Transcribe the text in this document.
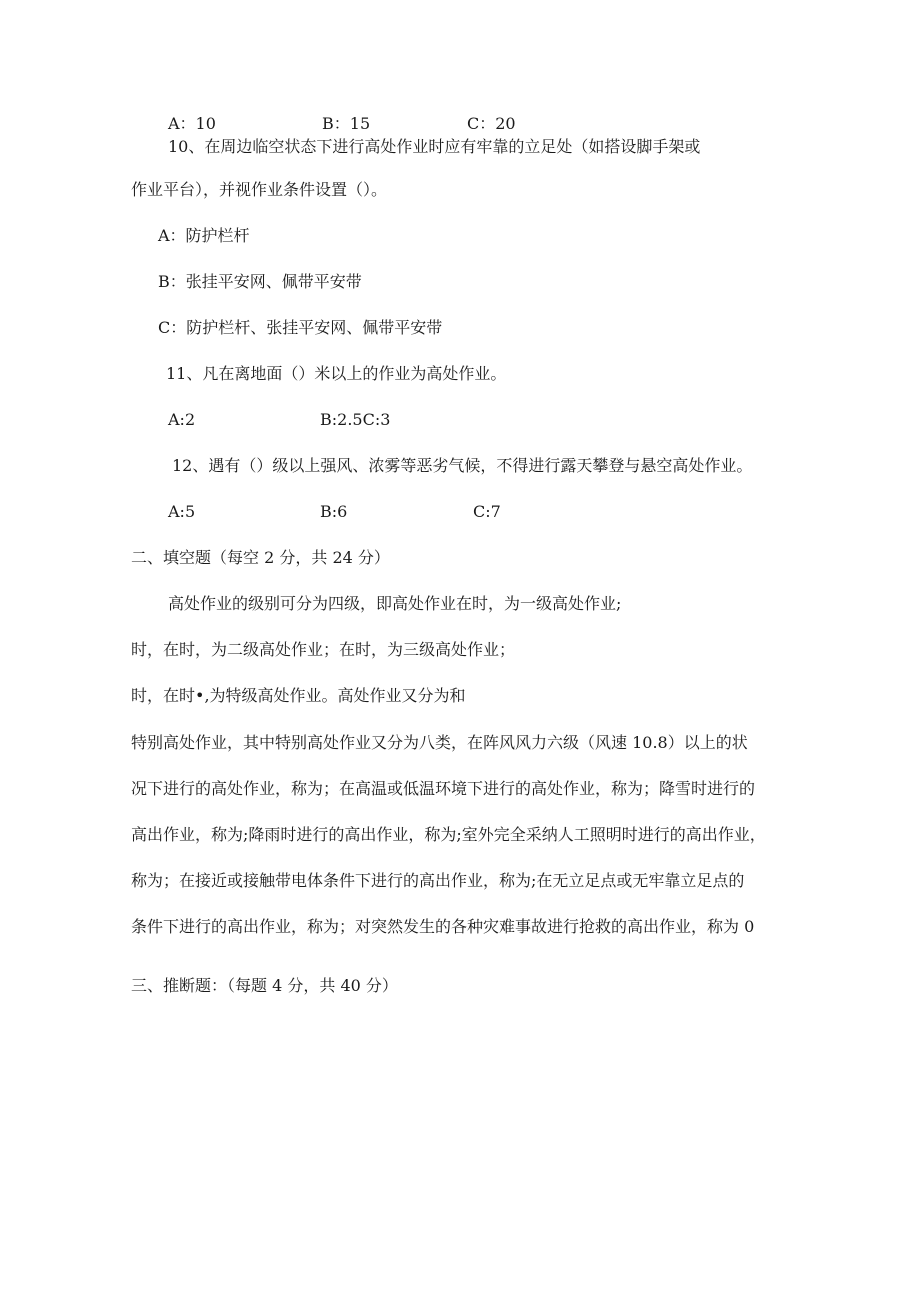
A：10	B：15	C：20
10、在周边临空状态下进行高处作业时应有牢靠的立足处（如搭设脚手架或
作业平台），并视作业条件设置（）。
A：防护栏杆
B：张挂平安网、佩带平安带
C：防护栏杆、张挂平安网、佩带平安带
11、凡在离地面（）米以上的作业为高处作业。
A:2	B:2.5C:3
12、遇有（）级以上强风、浓雾等恶劣气候，不得进行露天攀登与悬空高处作业。
A:5	B:6	C:7
二、填空题（每空 2 分，共 24 分）
高处作业的级别可分为四级，即高处作业在时，为一级高处作业;
时，在时，为二级高处作业；在时，为三级高处作业；
时，在时•,为特级高处作业。高处作业又分为和
特别高处作业，其中特别高处作业又分为八类，在阵风风力六级（风速 10.8）以上的状
况下进行的高处作业，称为；在高温或低温环境下进行的高处作业，称为；降雪时进行的
高出作业，称为;降雨时进行的高出作业，称为;室外完全采纳人工照明时进行的高出作业，
称为；在接近或接触带电体条件下进行的高出作业，称为;在无立足点或无牢靠立足点的
条件下进行的高出作业，称为；对突然发生的各种灾难事故进行抢救的高出作业，称为 0
三、推断题：（每题 4 分，共 40 分）
